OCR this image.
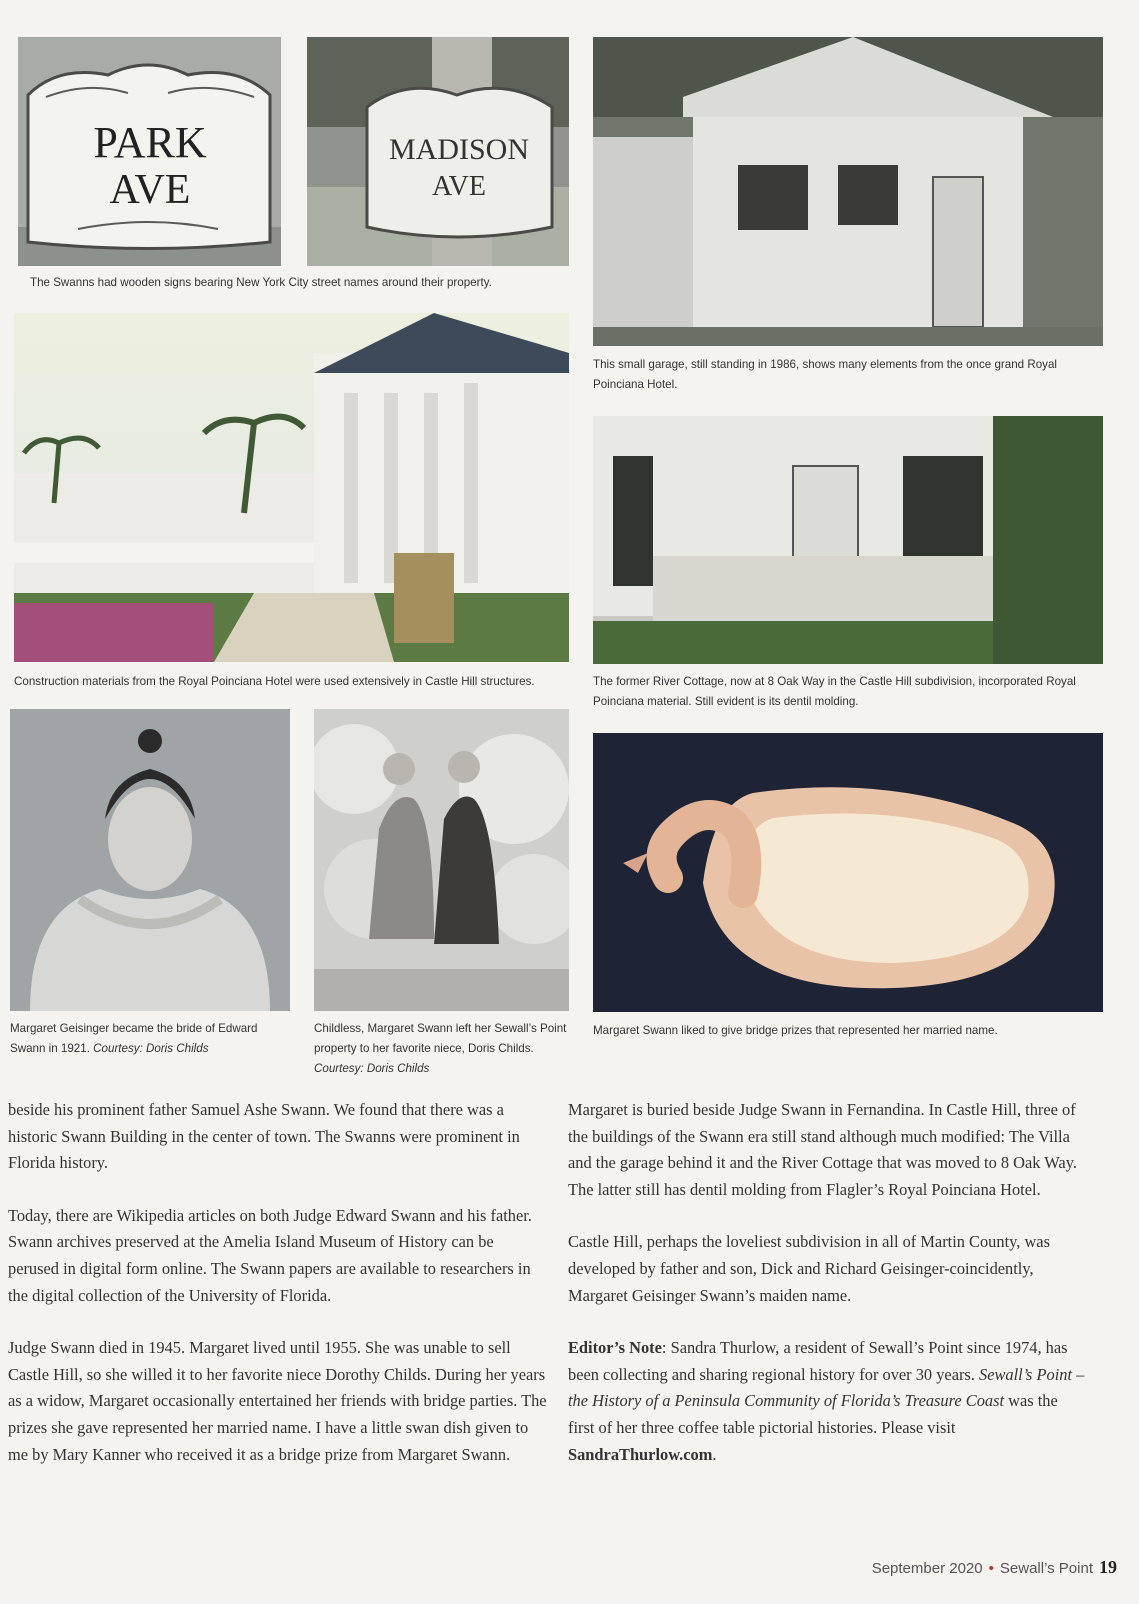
PARK
AVE
MADISON
AVE
The Swanns had wooden signs bearing New York City street names around their property.
This small garage, still standing in 1986, shows many elements from the once grand Royal Poinciana Hotel.
Construction materials from the Royal Poinciana Hotel were used extensively in Castle Hill structures.	The former River Cottage, now at 8 Oak Way in the Castle Hill subdivision, incorporated Royal Poinciana material. Still evident is its dentil molding.
Margaret Geisinger became the bride of Edward Swann in 1921. Courtesy: Doris Childs
Childless, Margaret Swann left her Sewall’s Point property to her favorite niece, Doris Childs. Courtesy: Doris Childs
Margaret Swann liked to give bridge prizes that represented her married name.

beside his prominent father Samuel Ashe Swann. We found that there was a historic Swann Building in the center of town. The Swanns were prominent in Florida history.

Today, there are Wikipedia articles on both Judge Edward Swann and his father. Swann archives preserved at the Amelia Island Museum of History can be perused in digital form online. The Swann papers are available to researchers in the digital collection of the University of Florida.

Judge Swann died in 1945. Margaret lived until 1955. She was unable to sell Castle Hill, so she willed it to her favorite niece Dorothy Childs. During her years as a widow, Margaret occasionally entertained her friends with bridge parties. The prizes she gave represented her married name. I have a little swan dish given to me by Mary Kanner who received it as a bridge prize from Margaret Swann.

Margaret is buried beside Judge Swann in Fernandina. In Castle Hill, three of the buildings of the Swann era still stand although much modified: The Villa and the garage behind it and the River Cottage that was moved to 8 Oak Way. The latter still has dentil molding from Flagler’s Royal Poinciana Hotel.

Castle Hill, perhaps the loveliest subdivision in all of Martin County, was developed by father and son, Dick and Richard Geisinger-coincidently, Margaret Geisinger Swann’s maiden name.

Editor’s Note: Sandra Thurlow, a resident of Sewall’s Point since 1974, has been collecting and sharing regional history for over 30 years. Sewall’s Point – the History of a Peninsula Community of Florida’s Treasure Coast was the first of her three coffee table pictorial histories. Please visit SandraThurlow.com.

September 2020 • Sewall’s Point 19
